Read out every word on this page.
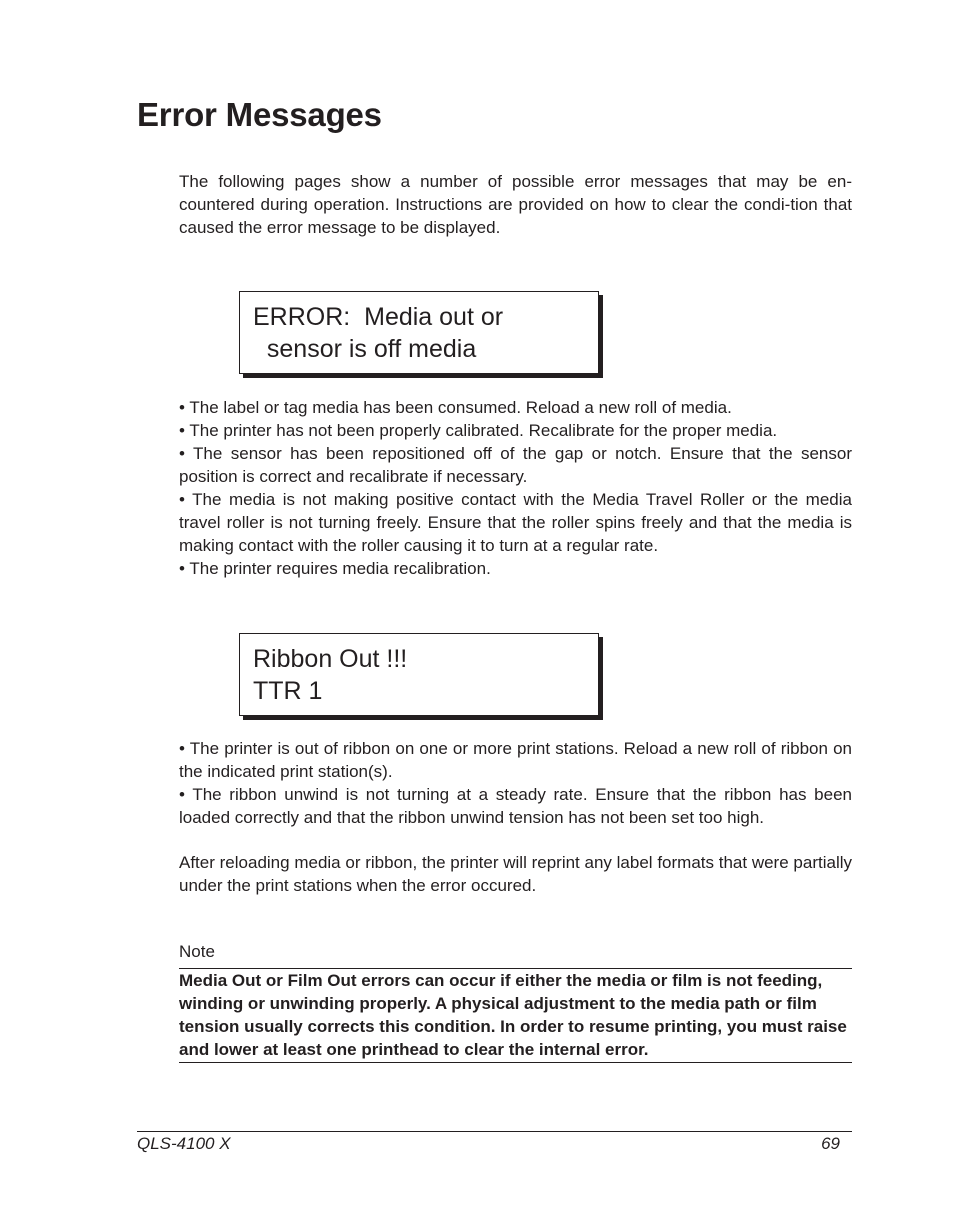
Error Messages

The following pages show a number of possible error messages that may be en-countered during operation. Instructions are provided on how to clear the condi-tion that caused the error message to be displayed.

ERROR:  Media out or
sensor is off media

• The label or tag media has been consumed. Reload a new roll of media.

• The printer has not been properly calibrated. Recalibrate for the proper media.

• The sensor has been repositioned off of the gap or notch. Ensure that the sensor position is correct and recalibrate if necessary.

• The media is not making positive contact with the Media Travel Roller or the media travel roller is not turning freely. Ensure that the roller spins freely and that the media is making contact with the roller causing it to turn at a regular rate.

• The printer requires media recalibration.

Ribbon Out !!!
TTR 1

• The printer is out of ribbon on one or more print stations. Reload a new roll of ribbon on the indicated print station(s).

• The ribbon unwind is not turning at a steady rate. Ensure that the ribbon has been loaded correctly and that the ribbon unwind tension has not been set too high.

After reloading media or ribbon, the printer will reprint any label formats that were partially under the print stations when the error occured.

Note
Media Out or Film Out errors can occur if either the media or film is not feeding, winding or unwinding properly. A physical adjustment to the media path or film tension usually corrects this condition. In order to resume printing, you must raise and lower at least one printhead to clear the internal error.
QLS-4100 X	69
